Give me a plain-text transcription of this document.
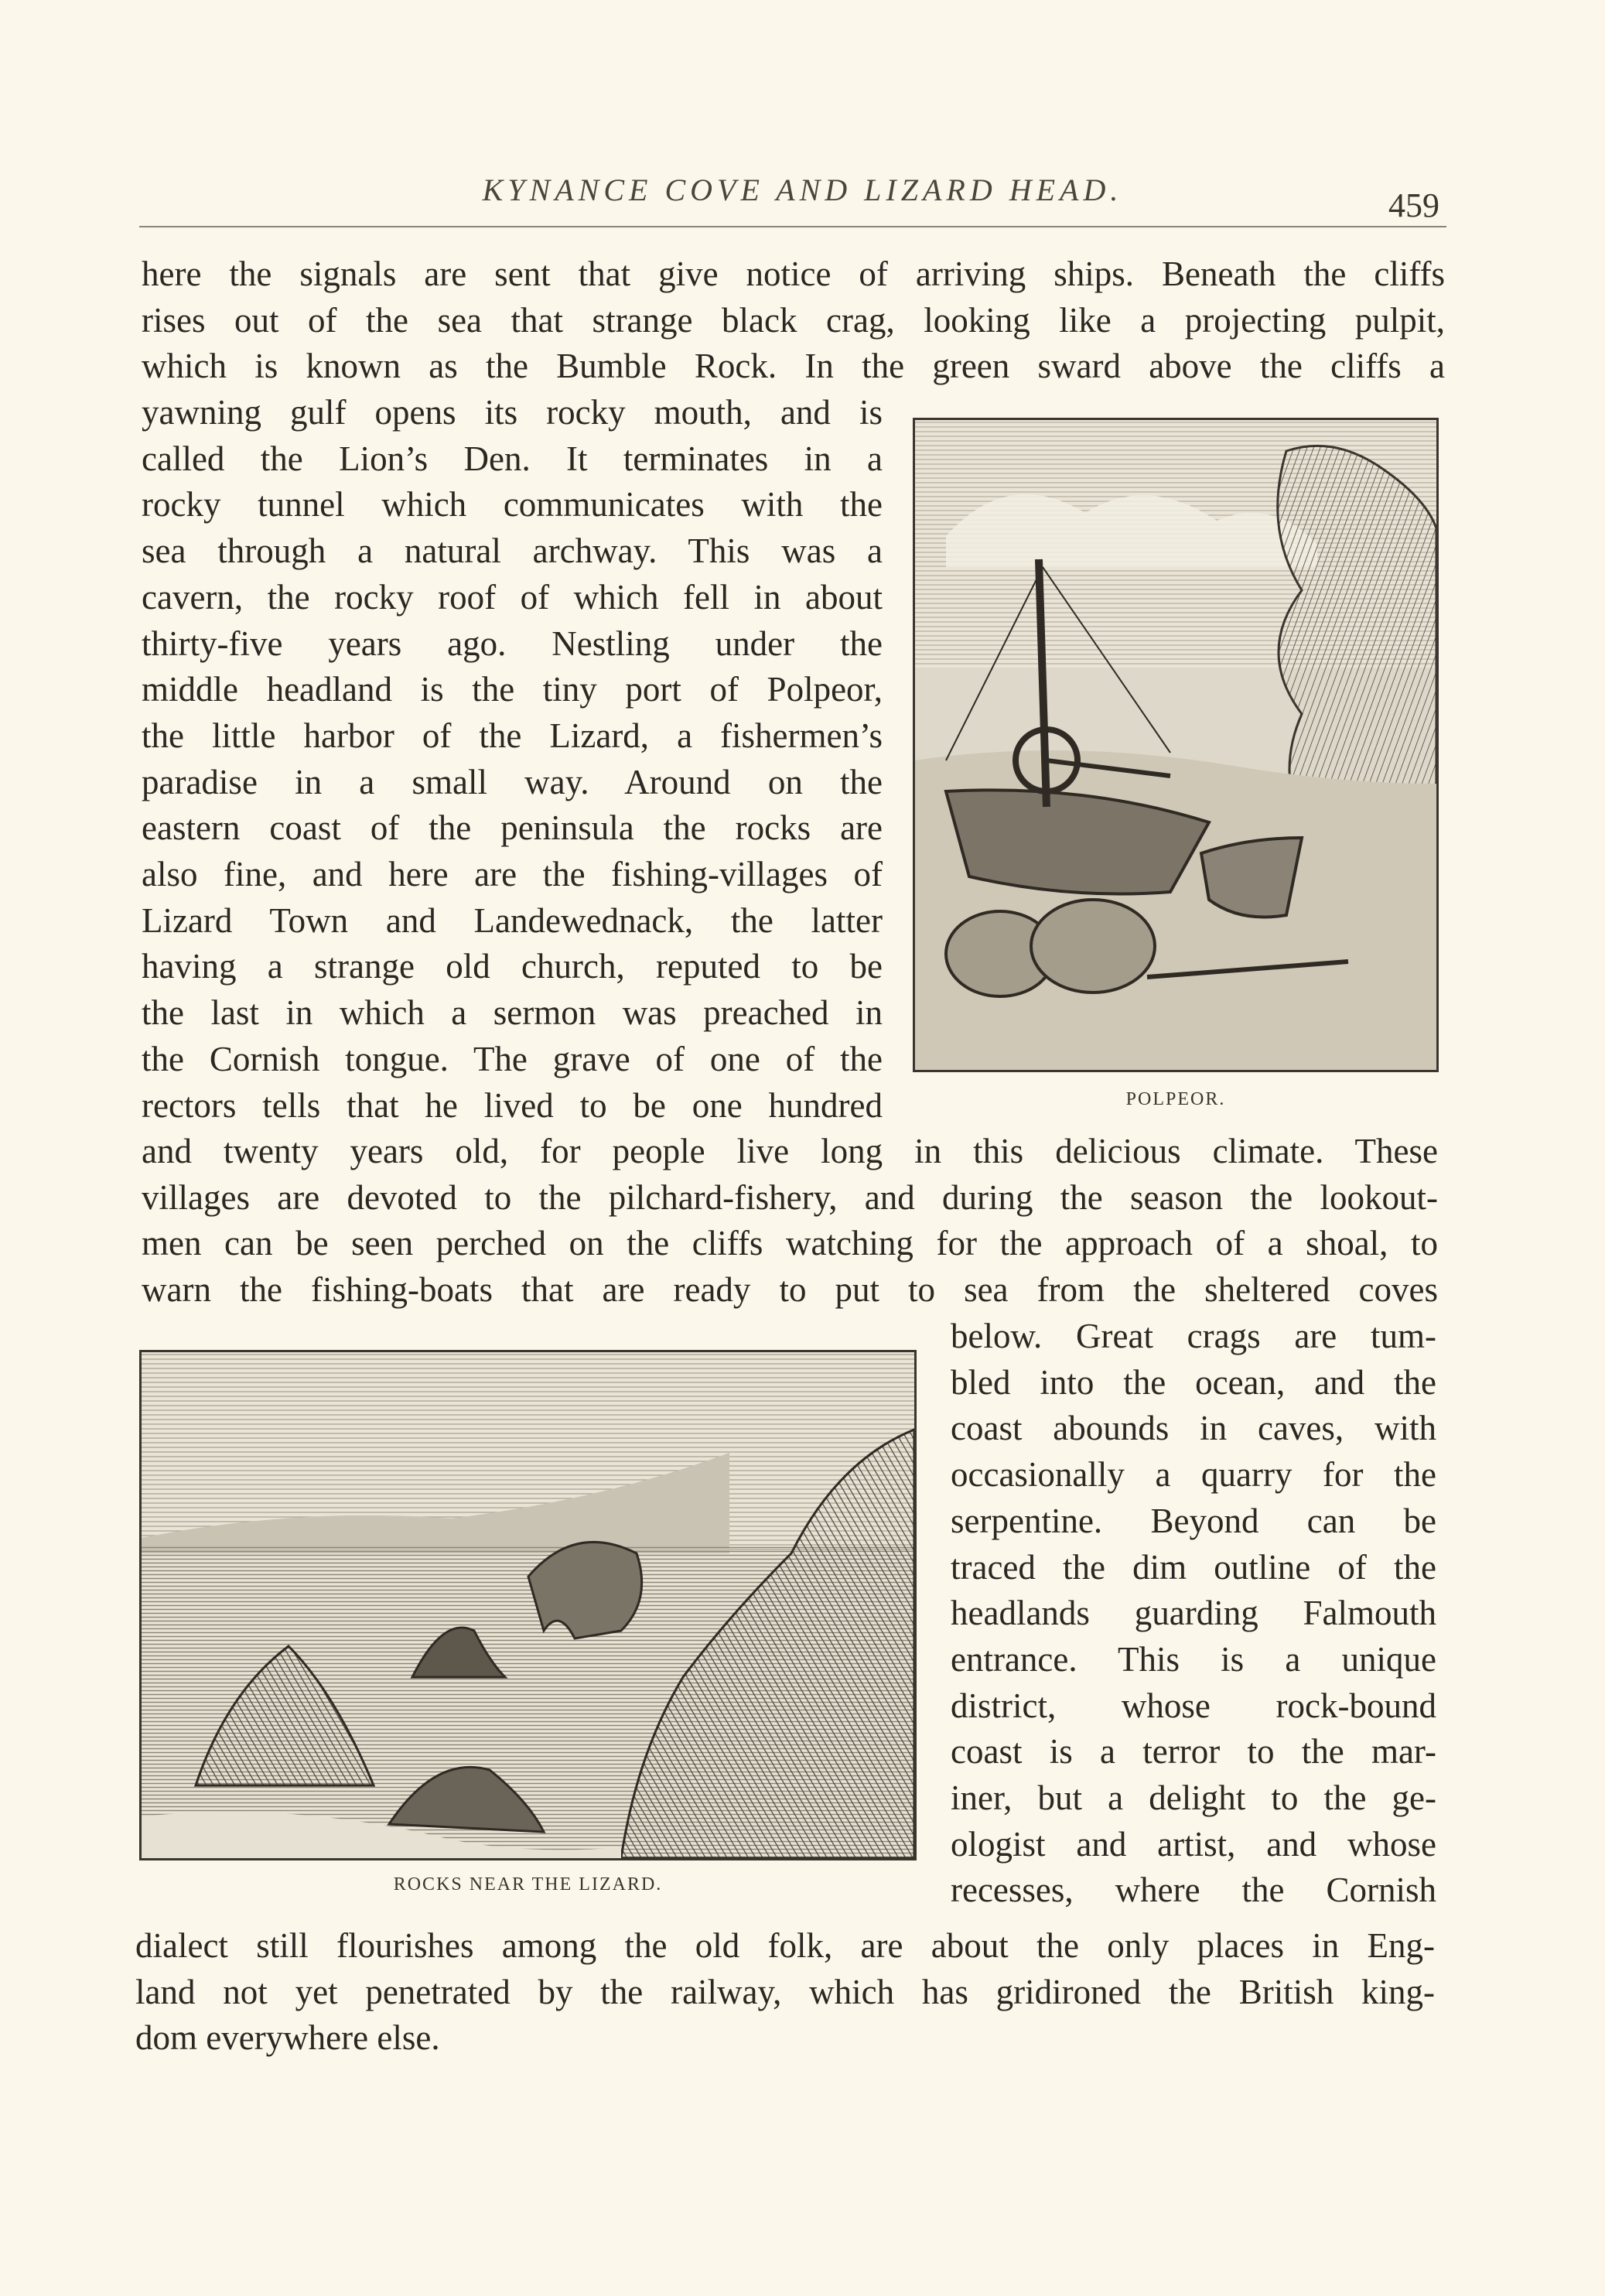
KYNANCE COVE AND LIZARD HEAD.	459
here the signals are sent that give notice of arriving ships. Beneath the cliffs
rises out of the sea that strange black crag, looking like a projecting pulpit,
which is known as the Bumble Rock. In the green sward above the cliffs a
yawning gulf opens its rocky mouth, and is
called the Lion’s Den. It terminates in a
rocky tunnel which communicates with the
sea through a natural archway. This was a
cavern, the rocky roof of which fell in about
thirty-five years ago. Nestling under the
middle headland is the tiny port of Polpeor,
the little harbor of the Lizard, a fishermen’s
paradise in a small way. Around on the
eastern coast of the peninsula the rocks are
also fine, and here are the fishing-villages of
Lizard Town and Landewednack, the latter
having a strange old church, reputed to be
the last in which a sermon was preached in
the Cornish tongue. The grave of one of the
rectors tells that he lived to be one hundred
and twenty years old, for people live long in this delicious climate. These
villages are devoted to the pilchard-fishery, and during the season the lookout-
men can be seen perched on the cliffs watching for the approach of a shoal, to
warn the fishing-boats that are ready to put to sea from the sheltered coves
below. Great crags are tum-
bled into the ocean, and the
coast abounds in caves, with
occasionally a quarry for the
serpentine. Beyond can be
traced the dim outline of the
headlands guarding Falmouth
entrance. This is a unique
district, whose rock-bound
coast is a terror to the mar-
iner, but a delight to the ge-
ologist and artist, and whose
recesses, where the Cornish
dialect still flourishes among the old folk, are about the only places in Eng-
land not yet penetrated by the railway, which has gridironed the British king-
dom everywhere else.
POLPEOR.
ROCKS NEAR THE LIZARD.
